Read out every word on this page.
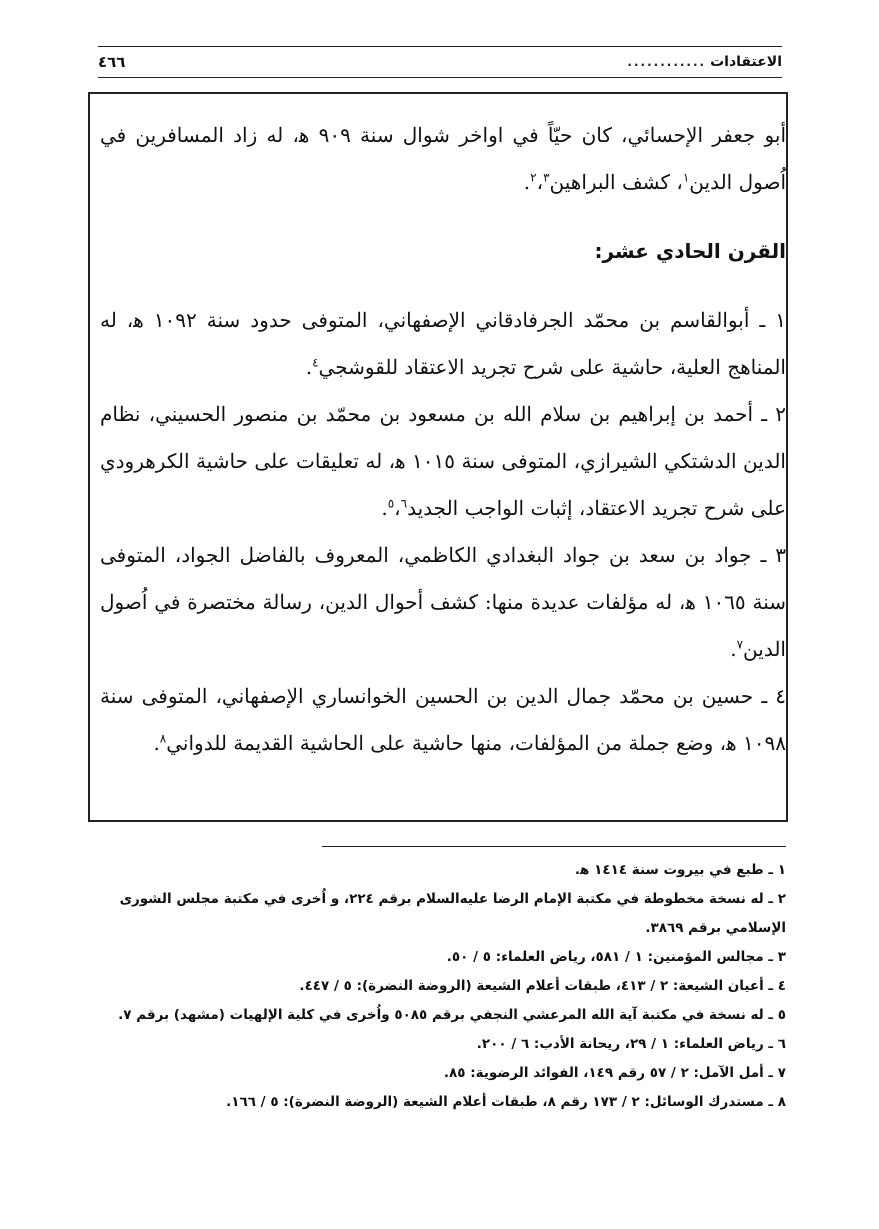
الاعتقادات
............
٤٦٦

أبو جعفر الإحسائي، كان حيّاً في اواخر شوال سنة ٩٠٩ ه‍، له زاد المسافرين في اُصول الدين$^١$، كشف البراهين$^٢$،$^٣$.

القرن الحادي عشر:

١ ـ أبوالقاسم بن محمّد الجرفادقاني الإصفهاني، المتوفى حدود سنة ١٠٩٢ ه‍، له المناهج العلية، حاشية على شرح تجريد الاعتقاد للقوشجي$^٤$.

٢ ـ أحمد بن إبراهيم بن سلام الله بن مسعود بن محمّد بن منصور الحسيني، نظام الدين الدشتكي الشيرازي، المتوفى سنة ١٠١٥ ه‍، له تعليقات على حاشية الكرهرودي على شرح تجريد الاعتقاد، إثبات الواجب الجديد$^٥$،$^٦$.

٣ ـ جواد بن سعد بن جواد البغدادي الكاظمي، المعروف بالفاضل الجواد، المتوفى سنة ١٠٦٥ ه‍، له مؤلفات عديدة منها: كشف أحوال الدين، رسالة مختصرة في اُصول الدين$^٧$.

٤ ـ حسين بن محمّد جمال الدين بن الحسين الخوانساري الإصفهاني، المتوفى سنة ١٠٩٨ ه‍، وضع جملة من المؤلفات، منها حاشية على الحاشية القديمة للدواني$^٨$.

١ ـ طبع في بيروت سنة ١٤١٤ ه‍.

٢ ـ له نسخة مخطوطة في مكتبة الإمام الرضا عليه‌السلام برقم ٢٢٤، و اُخرى في مكتبة مجلس الشورى الإسلامي برقم ٣٨٦٩.

٣ ـ مجالس المؤمنين: ١ / ٥٨١، رياض العلماء: ٥ / ٥٠.

٤ ـ أعيان الشيعة: ٢ / ٤١٣، طبقات أعلام الشيعة (الروضة النضرة): ٥ / ٤٤٧.

٥ ـ له نسخة في مكتبة آية الله المرعشي النجفي برقم ٥٠٨٥ واُخرى في كلية الإلهيات (مشهد) برقم ٧.

٦ ـ رياض العلماء: ١ / ٢٩، ريحانة الأدب: ٦ / ٢٠٠.

٧ ـ أمل الآمل: ٢ / ٥٧ رقم ١٤٩، الفوائد الرضوية: ٨٥.

٨ ـ مستدرك الوسائل: ٢ / ١٧٣ رقم ٨، طبقات أعلام الشيعة (الروضة النضرة): ٥ / ١٦٦.
